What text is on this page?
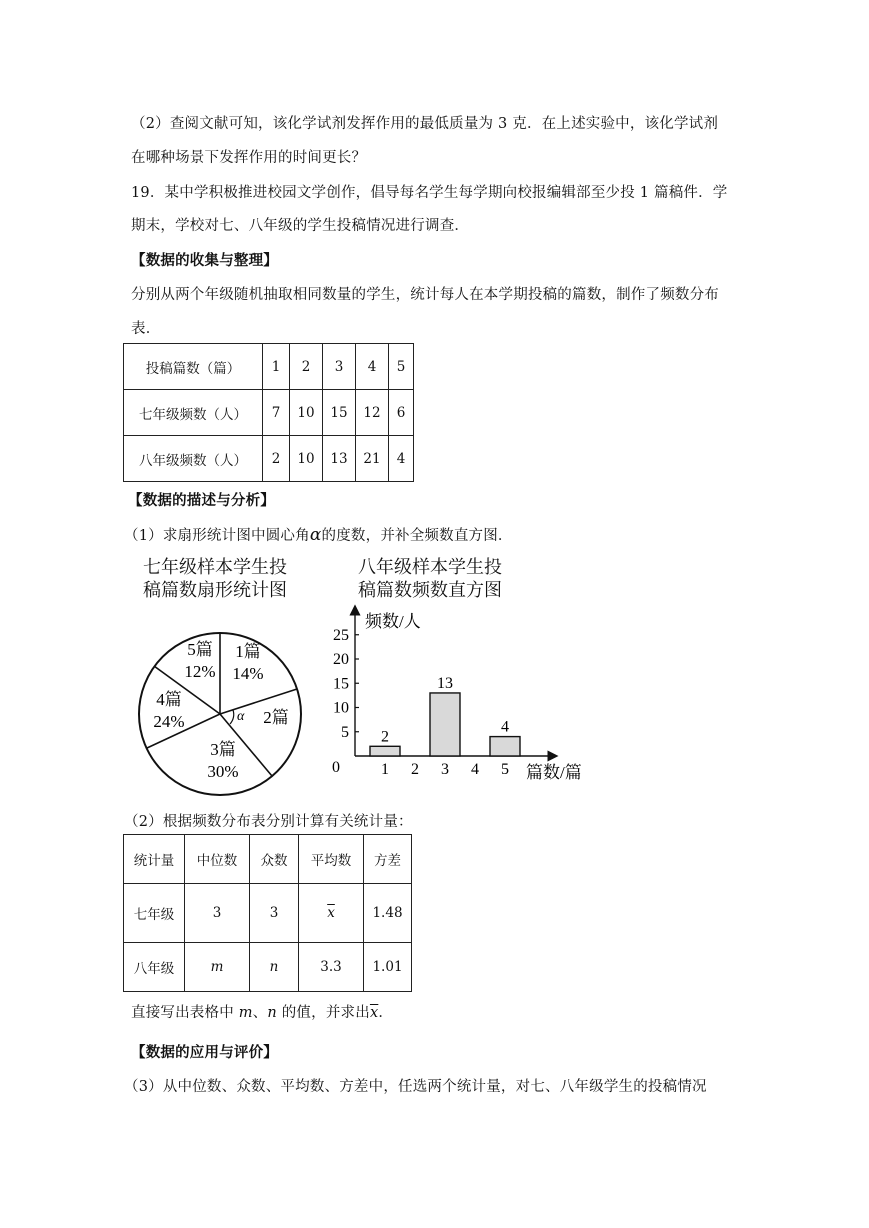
（2）查阅文献可知，该化学试剂发挥作用的最低质量为 3 克．在上述实验中，该化学试剂
在哪种场景下发挥作用的时间更长？
19．某中学积极推进校园文学创作，倡导每名学生每学期向校报编辑部至少投 1 篇稿件．学
期末，学校对七、八年级的学生投稿情况进行调查．
【数据的收集与整理】
分别从两个年级随机抽取相同数量的学生，统计每人在本学期投稿的篇数，制作了频数分布
表．
投稿篇数（篇）	1	2	3	4	5
七年级频数（人）	7	10	15	12	6
八年级频数（人）	2	10	13	21	4
【数据的描述与分析】
（1）求扇形统计图中圆心角α的度数，并补全频数直方图．
七年级样本学生投
稿篇数扇形统计图
八年级样本学生投
稿篇数频数直方图
α
1篇
14%
2篇
3篇
30%
4篇
24%
5篇
12%
频数/人
篇数/篇
0
5
10
15
20
25
1 2 3 4 5
2
13
4
（2）根据频数分布表分别计算有关统计量：
统计量	中位数	众数	平均数	方差
七年级	3	3	$\overline{x}$	1.48
八年级	m	n	3.3	1.01
直接写出表格中 m、n 的值，并求出$\overline{x}$．
【数据的应用与评价】
（3）从中位数、众数、平均数、方差中，任选两个统计量，对七、八年级学生的投稿情况
